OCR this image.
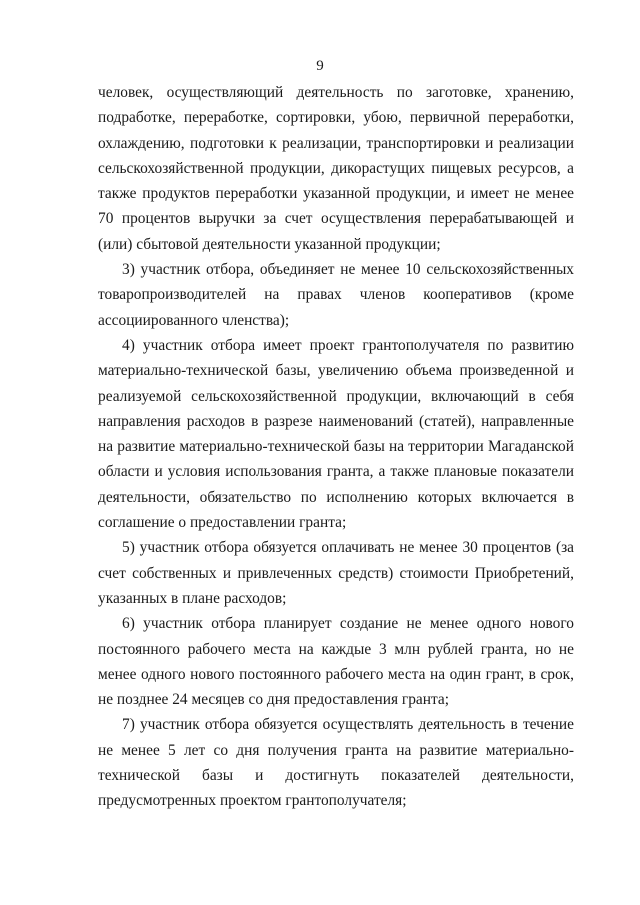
9

человек, осуществляющий деятельность по заготовке, хранению, подработке, переработке, сортировки, убою, первичной переработки, охлаждению, подготовки к реализации, транспортировки и реализации сельскохозяйственной продукции, дикорастущих пищевых ресурсов, а также продуктов переработки указанной продукции, и имеет не менее 70 процентов выручки за счет осуществления перерабатывающей и (или) сбытовой деятельности указанной продукции;

3) участник отбора, объединяет не менее 10 сельскохозяйственных товаропроизводителей на правах членов кооперативов (кроме ассоциированного членства);

4) участник отбора имеет проект грантополучателя по развитию материально-технической базы, увеличению объема произведенной и реализуемой сельскохозяйственной продукции, включающий в себя направления расходов в разрезе наименований (статей), направленные на развитие материально-технической базы на территории Магаданской области и условия использования гранта, а также плановые показатели деятельности, обязательство по исполнению которых включается в соглашение о предоставлении гранта;

5) участник отбора обязуется оплачивать не менее 30 процентов (за счет собственных и привлеченных средств) стоимости Приобретений, указанных в плане расходов;

6) участник отбора планирует создание не менее одного нового постоянного рабочего места на каждые 3 млн рублей гранта, но не менее одного нового постоянного рабочего места на один грант, в срок, не позднее 24 месяцев со дня предоставления гранта;

7) участник отбора обязуется осуществлять деятельность в течение не менее 5 лет со дня получения гранта на развитие материально-технической базы и достигнуть показателей деятельности, предусмотренных проектом грантополучателя;
